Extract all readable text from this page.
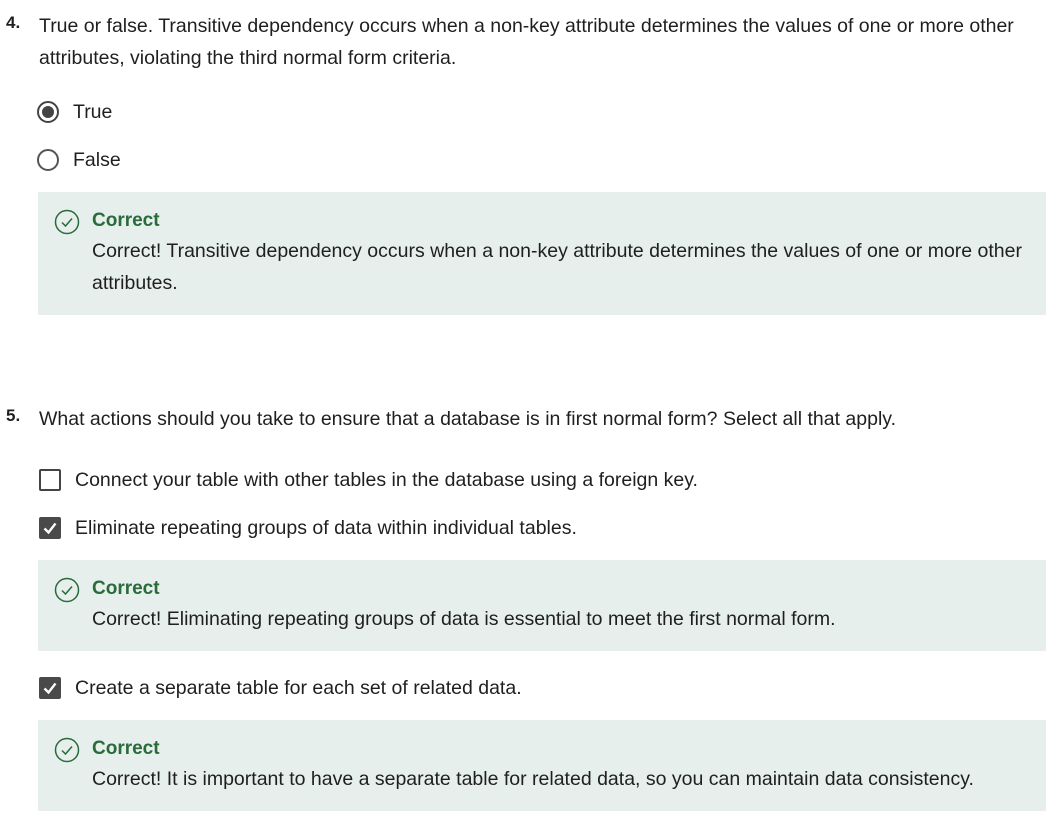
4. True or false. Transitive dependency occurs when a non-key attribute determines the values of one or more other attributes, violating the third normal form criteria.
True
False
Correct
Correct! Transitive dependency occurs when a non-key attribute determines the values of one or more other attributes.
5. What actions should you take to ensure that a database is in first normal form? Select all that apply.
Connect your table with other tables in the database using a foreign key.
Eliminate repeating groups of data within individual tables.
Correct
Correct! Eliminating repeating groups of data is essential to meet the first normal form.
Create a separate table for each set of related data.
Correct
Correct! It is important to have a separate table for related data, so you can maintain data consistency.
